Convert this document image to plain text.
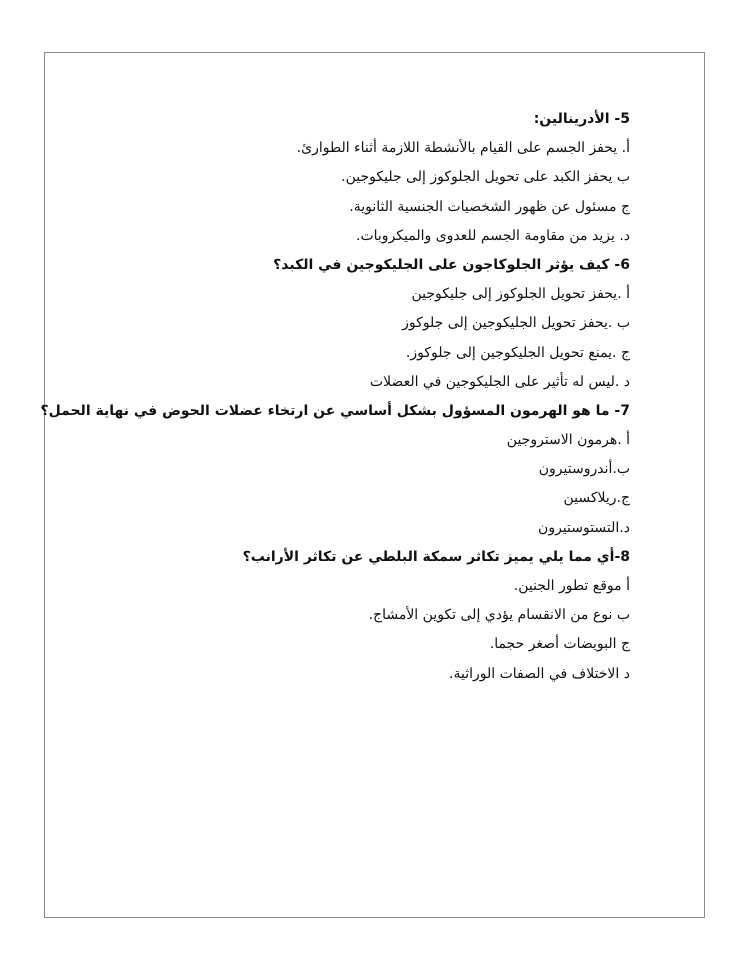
5- الأدرينالين:
أ. يحفز الجسم على القيام بالأنشطة اللازمة أثناء الطوارئ.
ب يحفز الكبد على تحويل الجلوكوز إلى جليكوجين.
ج مسئول عن ظهور الشخصيات الجنسية الثانوية.
د. يزيد من مقاومة الجسم للعدوى والميكروبات.
6- كيف يؤثر الجلوكاجون على الجليكوجين في الكبد؟
أ .يحفز تحويل الجلوكوز إلى جليكوجين
ب .يحفز تحويل الجليكوجين إلى جلوكوز
ج .يمنع تحويل الجليكوجين إلى جلوكوز.
د .ليس له تأثير على الجليكوجين في العضلات
7- ما هو الهرمون المسؤول بشكل أساسي عن ارتخاء عضلات الحوض في نهاية الحمل؟
أ .هرمون الاستروجين
ب.أندروستيرون
ج.ريلاكسين
د.التستوستيرون
8-أي مما يلي يميز تكاثر سمكة البلطي عن تكاثر الأرانب؟
أ موقع تطور الجنين.
ب نوع من الانقسام يؤدي إلى تكوين الأمشاج.
ج البويضات أصغر حجما.
د الاختلاف في الصفات الوراثية.
